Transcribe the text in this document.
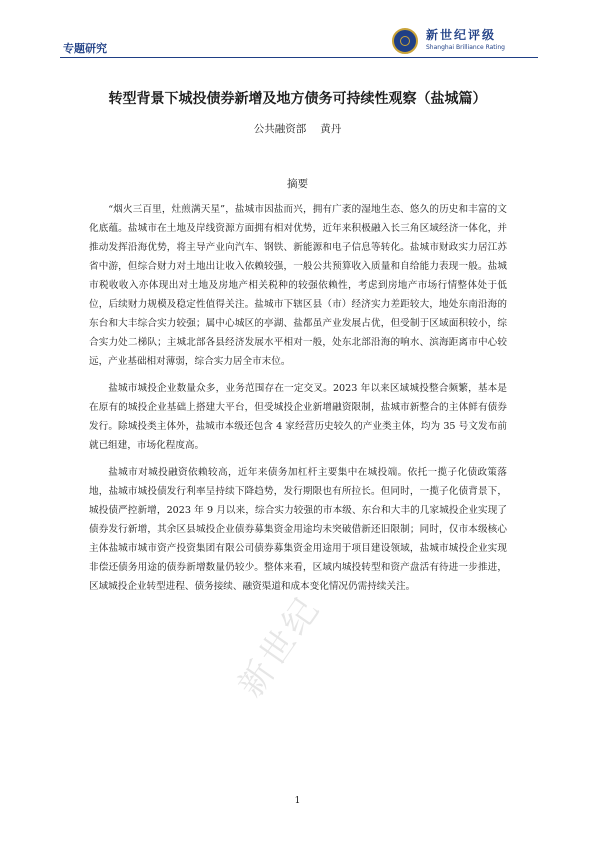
专题研究
新世纪评级
Shanghai Brilliance Rating
转型背景下城投债券新增及地方债务可持续性观察（盐城篇）
公共融资部 黄丹
摘要

“烟火三百里，灶煎满天星”，盐城市因盐而兴，拥有广袤的湿地生态、悠久的历史和丰富的文化底蕴。盐城市在土地及岸线资源方面拥有相对优势，近年来积极融入长三角区域经济一体化，并推动发挥沿海优势，将主导产业向汽车、钢铁、新能源和电子信息等转化。盐城市财政实力居江苏省中游，但综合财力对土地出让收入依赖较强，一般公共预算收入质量和自给能力表现一般。盐城市税收收入亦体现出对土地及房地产相关税种的较强依赖性，考虑到房地产市场行情整体处于低位，后续财力规模及稳定性值得关注。盐城市下辖区县（市）经济实力差距较大，地处东南沿海的东台和大丰综合实力较强；属中心城区的亭湖、盐都虽产业发展占优，但受制于区域面积较小，综合实力处二梯队；主城北部各县经济发展水平相对一般，处东北部沿海的响水、滨海距离市中心较远，产业基础相对薄弱，综合实力居全市末位。

盐城市城投企业数量众多，业务范围存在一定交叉。2023 年以来区域城投整合频繁，基本是在原有的城投企业基础上搭建大平台，但受城投企业新增融资限制，盐城市新整合的主体鲜有债券发行。除城投类主体外，盐城市本级还包含 4 家经营历史较久的产业类主体，均为 35 号文发布前就已组建，市场化程度高。

盐城市对城投融资依赖较高，近年来债务加杠杆主要集中在城投端。依托一揽子化债政策落地，盐城市城投债发行利率呈持续下降趋势，发行期限也有所拉长。但同时，一揽子化债背景下，城投债严控新增，2023 年 9 月以来，综合实力较强的市本级、东台和大丰的几家城投企业实现了债券发行新增，其余区县城投企业债券募集资金用途均未突破借新还旧限制；同时，仅市本级核心主体盐城市城市资产投资集团有限公司债券募集资金用途用于项目建设领域，盐城市城投企业实现非偿还债务用途的债券新增数量仍较少。整体来看，区域内城投转型和资产盘活有待进一步推进，区域城投企业转型进程、债务接续、融资渠道和成本变化情况仍需持续关注。

新世纪
1
